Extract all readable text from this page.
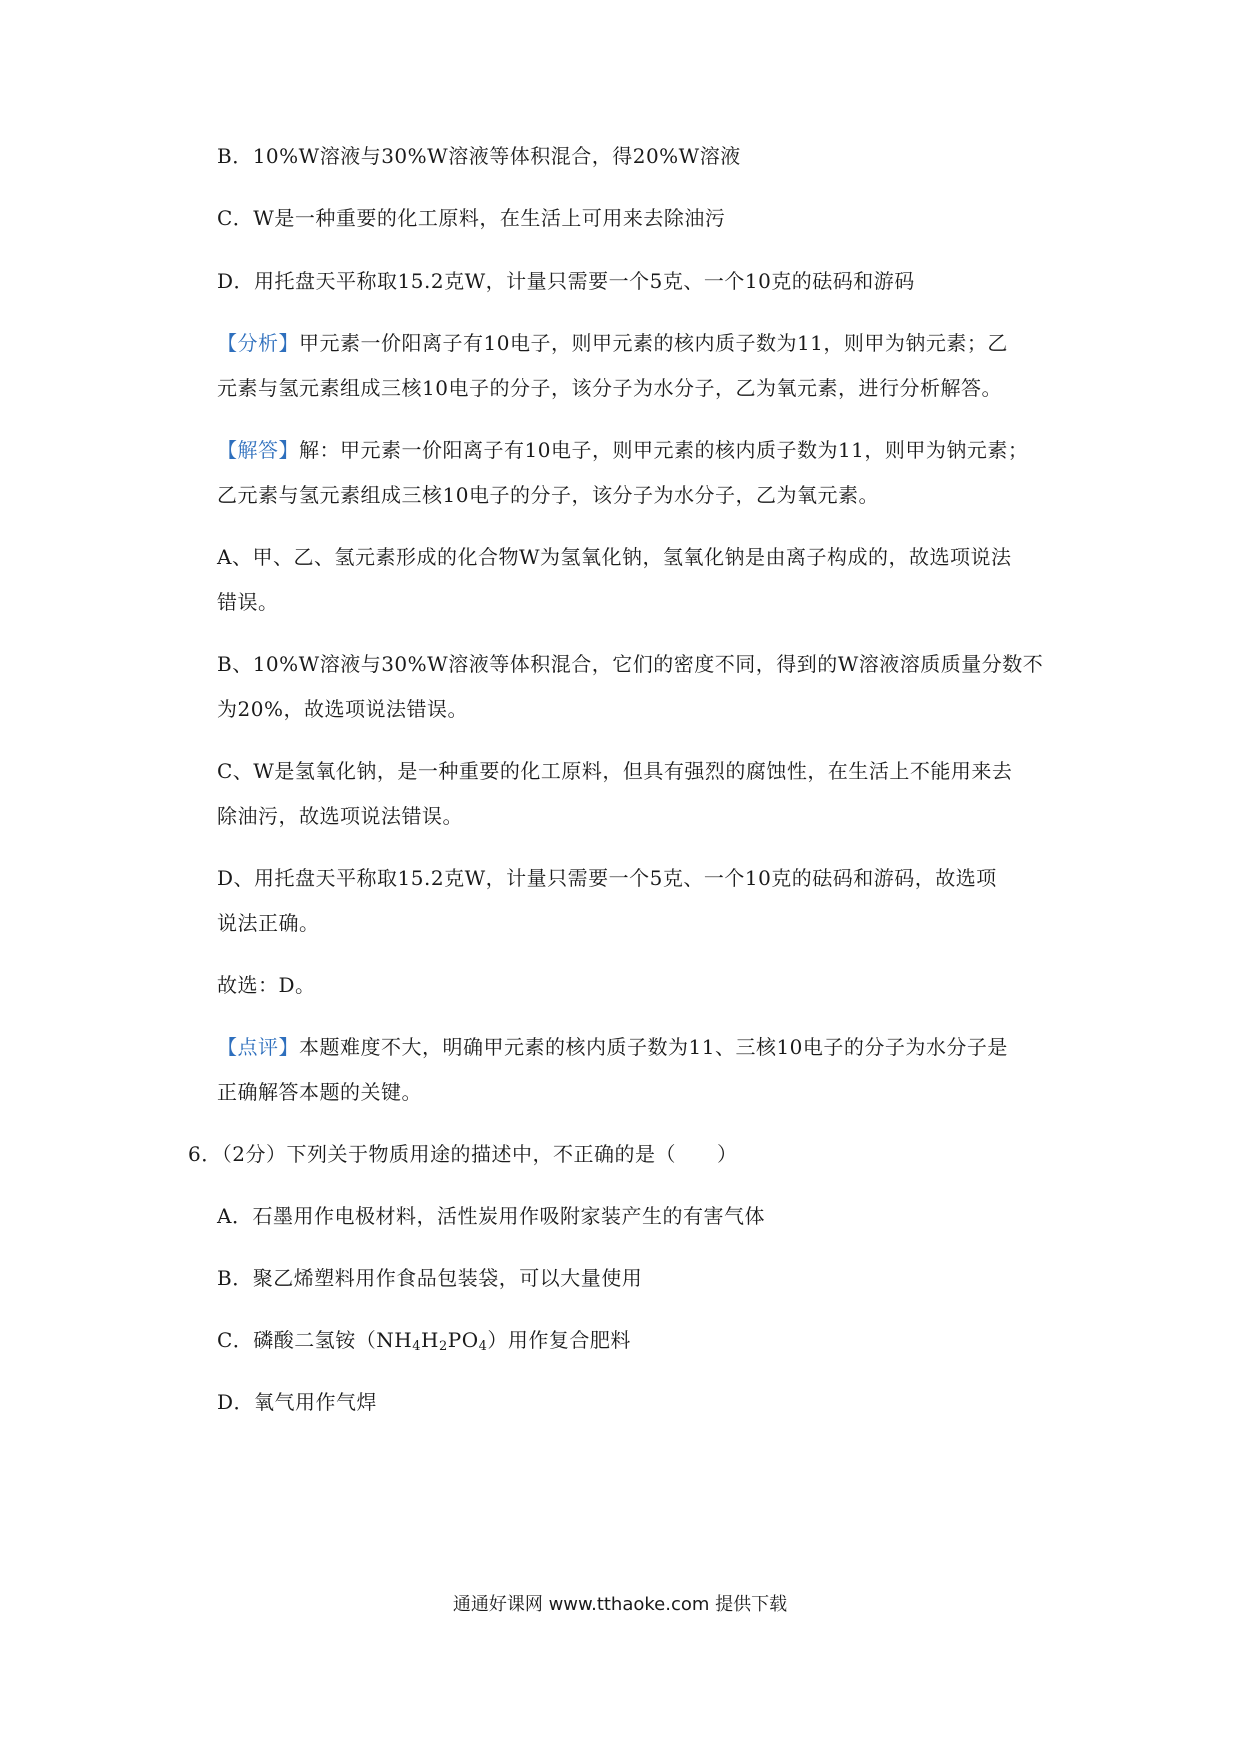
B．10%W溶液与30%W溶液等体积混合，得20%W溶液
C．W是一种重要的化工原料，在生活上可用来去除油污
D．用托盘天平称取15.2克W，计量只需要一个5克、一个10克的砝码和游码
【分析】甲元素一价阳离子有10电子，则甲元素的核内质子数为11，则甲为钠元素；乙
元素与氢元素组成三核10电子的分子，该分子为水分子，乙为氧元素，进行分析解答。
【解答】解：甲元素一价阳离子有10电子，则甲元素的核内质子数为11，则甲为钠元素；
乙元素与氢元素组成三核10电子的分子，该分子为水分子，乙为氧元素。
A、甲、乙、氢元素形成的化合物W为氢氧化钠，氢氧化钠是由离子构成的，故选项说法
错误。
B、10%W溶液与30%W溶液等体积混合，它们的密度不同，得到的W溶液溶质质量分数不
为20%，故选项说法错误。
C、W是氢氧化钠，是一种重要的化工原料，但具有强烈的腐蚀性，在生活上不能用来去
除油污，故选项说法错误。
D、用托盘天平称取15.2克W，计量只需要一个5克、一个10克的砝码和游码，故选项
说法正确。
故选：D。
【点评】本题难度不大，明确甲元素的核内质子数为11、三核10电子的分子为水分子是
正确解答本题的关键。
6．（2分）下列关于物质用途的描述中，不正确的是（　　）
A．石墨用作电极材料，活性炭用作吸附家装产生的有害气体
B．聚乙烯塑料用作食品包装袋，可以大量使用
C．磷酸二氢铵$(NH_4H_2PO_4)$用作复合肥料
D．氧气用作气焊
通通好课网 www.tthaoke.com 提供下载
